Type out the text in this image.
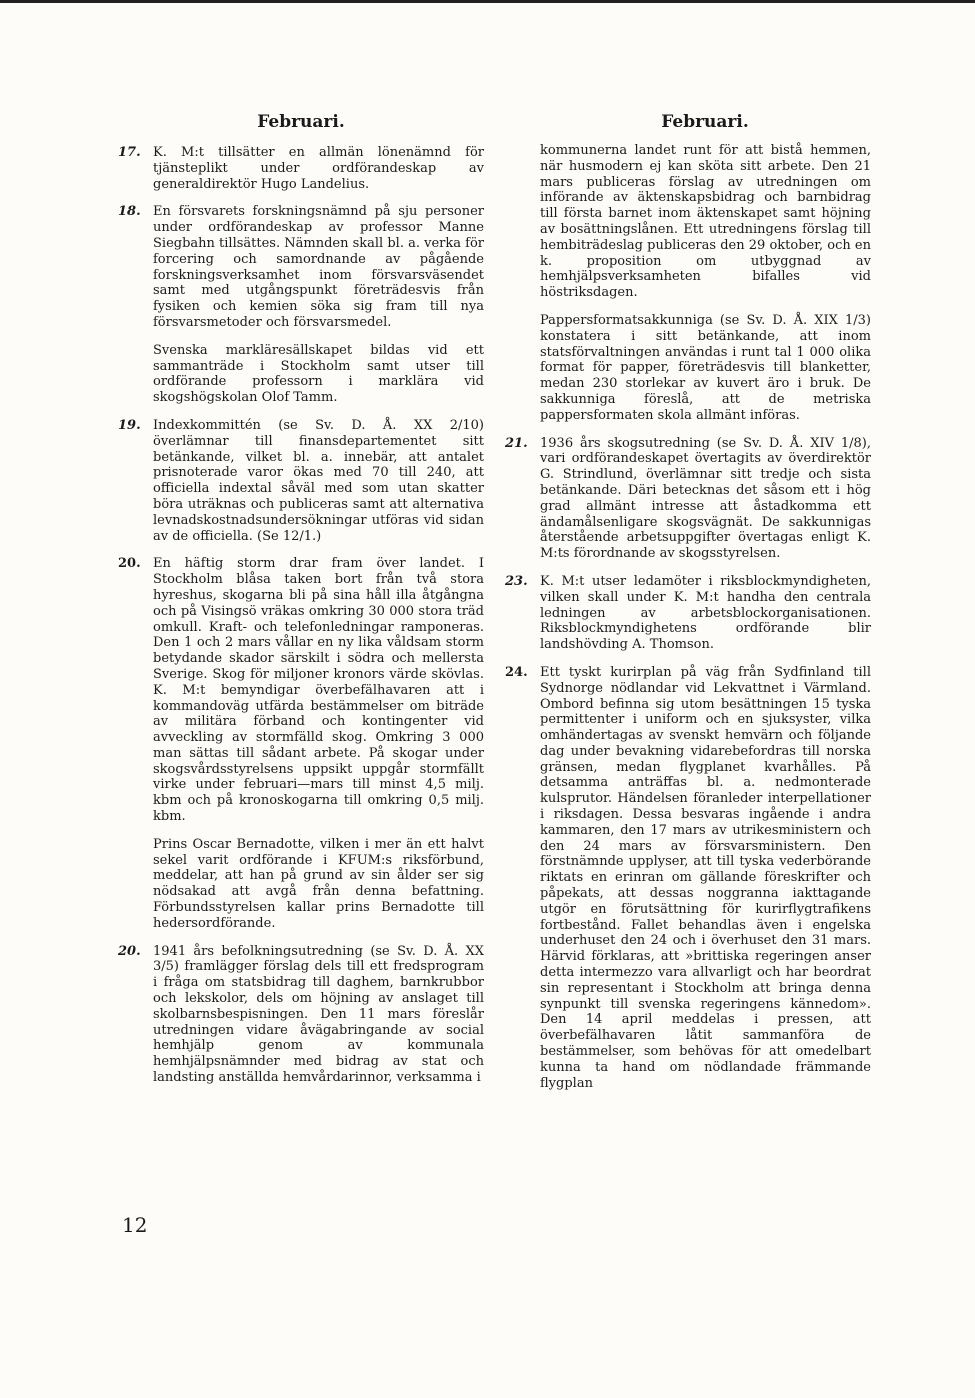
Februari.
17. K. M:t tillsätter en allmän lönenämnd för tjänsteplikt under ordförandeskap av generaldirektör Hugo Landelius.
18. En försvarets forskningsnämnd på sju personer under ordförandeskap av professor Manne Siegbahn tillsättes. Nämnden skall bl. a. verka för forcering och samordnande av pågående forskningsverksamhet inom försvarsväsendet samt med utgångspunkt företrädesvis från fysiken och kemien söka sig fram till nya försvarsmetoder och försvarsmedel.
Svenska markläresällskapet bildas vid ett sammanträde i Stockholm samt utser till ordförande professorn i marklära vid skogshögskolan Olof Tamm.
19. Indexkommittén (se Sv. D. Å. XX 2/10) överlämnar till finansdepartementet sitt betänkande, vilket bl. a. innebär, att antalet prisnoterade varor ökas med 70 till 240, att officiella indextal såväl med som utan skatter böra uträknas och publiceras samt att alternativa levnadskostnadsundersökningar utföras vid sidan av de officiella. (Se 12/1.)
20. En häftig storm drar fram över landet. I Stockholm blåsa taken bort från två stora hyreshus, skogarna bli på sina håll illa åtgångna och på Visingsö vräkas omkring 30 000 stora träd omkull. Kraft- och telefonledningar ramponeras. Den 1 och 2 mars vållar en ny lika våldsam storm betydande skador särskilt i södra och mellersta Sverige. Skog för miljoner kronors värde skövlas. K. M:t bemyndigar överbefälhavaren att i kommandoväg utfärda bestämmelser om biträde av militära förband och kontingenter vid avveckling av stormfälld skog. Omkring 3 000 man sättas till sådant arbete. På skogar under skogsvårdsstyrelsens uppsikt uppgår stormfällt virke under februari—mars till minst 4,5 milj. kbm och på kronoskogarna till omkring 0,5 milj. kbm.
Prins Oscar Bernadotte, vilken i mer än ett halvt sekel varit ordförande i KFUM:s riksförbund, meddelar, att han på grund av sin ålder ser sig nödsakad att avgå från denna befattning. Förbundsstyrelsen kallar prins Bernadotte till hedersordförande.
20. 1941 års befolkningsutredning (se Sv. D. Å. XX 3/5) framlägger förslag dels till ett fredsprogram i fråga om statsbidrag till daghem, barnkrubbor och lekskolor, dels om höjning av anslaget till skolbarnsbespisningen. Den 11 mars föreslår utredningen vidare åvägabringande av social hemhjälp genom av kommunala hemhjälpsnämnder med bidrag av stat och landsting anställda hemvårdarinnor, verksamma i
Februari.
kommunerna landet runt för att bistå hemmen, när husmodern ej kan sköta sitt arbete. Den 21 mars publiceras förslag av utredningen om införande av äktenskapsbidrag och barnbidrag till första barnet inom äktenskapet samt höjning av bosättningslånen. Ett utredningens förslag till hembiträdeslag publiceras den 29 oktober, och en k. proposition om utbyggnad av hemhjälpsverksamheten bifalles vid höstriksdagen.
Pappersformatsakkunniga (se Sv. D. Å. XIX 1/3) konstatera i sitt betänkande, att inom statsförvaltningen användas i runt tal 1 000 olika format för papper, företrädesvis till blanketter, medan 230 storlekar av kuvert äro i bruk. De sakkunniga föreslå, att de metriska pappersformaten skola allmänt införas.
21. 1936 års skogsutredning (se Sv. D. Å. XIV 1/8), vari ordförandeskapet övertagits av överdirektör G. Strindlund, överlämnar sitt tredje och sista betänkande. Däri betecknas det såsom ett i hög grad allmänt intresse att åstadkomma ett ändamålsenligare skogsvägnät. De sakkunnigas återstående arbetsuppgifter övertagas enligt K. M:ts förordnande av skogsstyrelsen.
23. K. M:t utser ledamöter i riksblockmyndigheten, vilken skall under K. M:t handha den centrala ledningen av arbetsblockorganisationen. Riksblockmyndighetens ordförande blir landshövding A. Thomson.
24. Ett tyskt kurirplan på väg från Sydfinland till Sydnorge nödlandar vid Lekvattnet i Värmland. Ombord befinna sig utom besättningen 15 tyska permittenter i uniform och en sjuksyster, vilka omhändertagas av svenskt hemvärn och följande dag under bevakning vidarebefordras till norska gränsen, medan flygplanet kvarhålles. På detsamma anträffas bl. a. nedmonterade kulsprutor. Händelsen föranleder interpellationer i riksdagen. Dessa besvaras ingående i andra kammaren, den 17 mars av utrikesministern och den 24 mars av försvarsministern. Den förstnämnde upplyser, att till tyska vederbörande riktats en erinran om gällande föreskrifter och påpekats, att dessas noggranna iakttagande utgör en förutsättning för kurirflygtrafikens fortbestånd. Fallet behandlas även i engelska underhuset den 24 och i överhuset den 31 mars. Härvid förklaras, att »brittiska regeringen anser detta intermezzo vara allvarligt och har beordrat sin representant i Stockholm att bringa denna synpunkt till svenska regeringens kännedom». Den 14 april meddelas i pressen, att överbefälhavaren låtit sammanföra de bestämmelser, som behövas för att omedelbart kunna ta hand om nödlandade främmande flygplan
12
